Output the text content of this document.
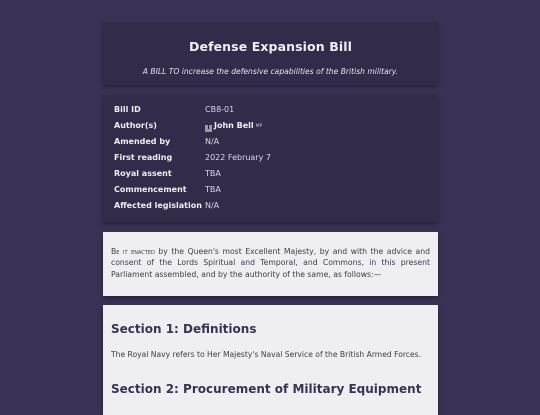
Defense Expansion Bill
A BILL TO increase the defensive capabilities of the British military.
Bill ID	CB8-01
Author(s)	I John Bell MP
Amended by	N/A
First reading	2022 February 7
Royal assent	TBA
Commencement TBA
Affected legislation N/A
Be it enacted by the Queen's most Excellent Majesty, by and with the advice and consent of the Lords Spiritual and Temporal, and Commons, in this present Parliament assembled, and by the authority of the same, as follows:—
Section 1: Definitions

The Royal Navy refers to Her Majesty's Naval Service of the British Armed Forces.

Section 2: Procurement of Military Equipment
